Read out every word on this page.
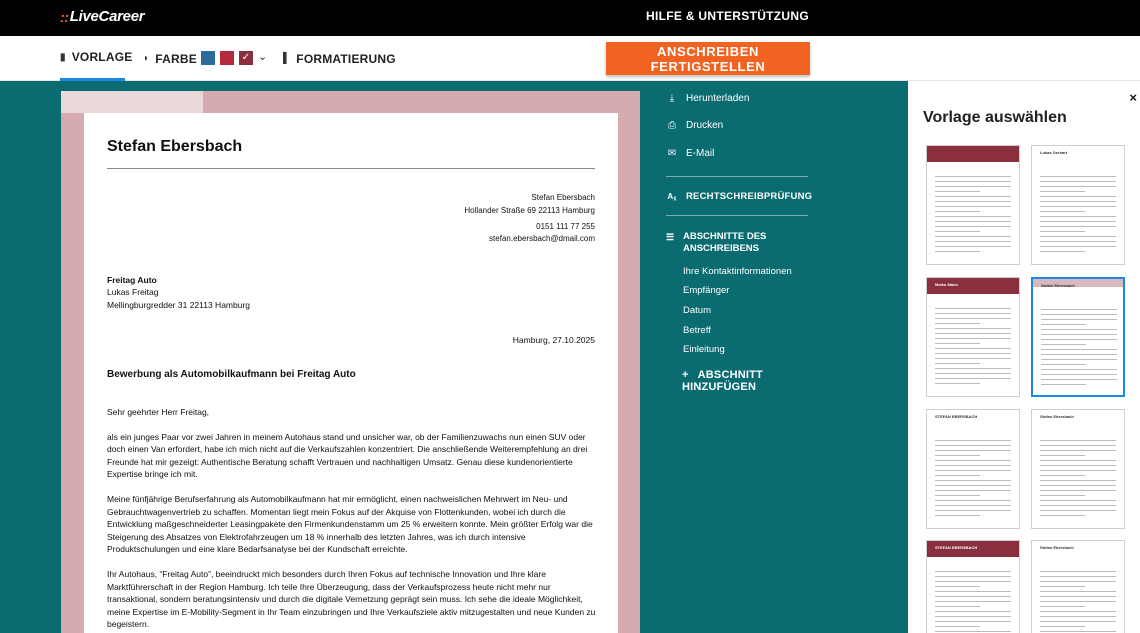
:: LiveCareer	HILFE & UNTERSTÜTZUNG
▮ VORLAGE ◗ FARBE	✓ ⌄ ▌ FORMATIERUNG	ANSCHREIBEN FERTIGSTELLEN
Stefan Ebersbach
Stefan Ebersbach
Hollander Straße 69 22113 Hamburg
0151 111 77 255
stefan.ebersbach@dmail.com
Freitag Auto
Lukas Freitag
Mellingburgredder 31 22113 Hamburg
Hamburg, 27.10.2025
Bewerbung als Automobilkaufmann bei Freitag Auto

Sehr geehrter Herr Freitag,

als ein junges Paar vor zwei Jahren in meinem Autohaus stand und unsicher war, ob der Familienzuwachs nun einen SUV oder doch einen Van erfordert, habe ich mich nicht auf die Verkaufszahlen konzentriert. Die anschließende Weiterempfehlung an drei Freunde hat mir gezeigt: Authentische Beratung schafft Vertrauen und nachhaltigen Umsatz. Genau diese kundenorientierte Expertise bringe ich mit.

Meine fünfjährige Berufserfahrung als Automobilkaufmann hat mir ermöglicht, einen nachweislichen Mehrwert im Neu- und Gebrauchtwagenvertrieb zu schaffen. Momentan liegt mein Fokus auf der Akquise von Flottenkunden, wobei ich durch die Entwicklung maßgeschneiderter Leasingpakete den Firmenkundenstamm um 25 % erweitern konnte. Mein größter Erfolg war die Steigerung des Absatzes von Elektrofahrzeugen um 18 % innerhalb des letzten Jahres, was ich durch intensive Produktschulungen und eine klare Bedarfsanalyse bei der Kundschaft erreichte.

Ihr Autohaus, “Freitag Auto”, beeindruckt mich besonders durch Ihren Fokus auf technische Innovation und Ihre klare Marktführerschaft in der Region Hamburg. Ich teile Ihre Überzeugung, dass der Verkaufsprozess heute nicht mehr nur transaktional, sondern beratungsintensiv und durch die digitale Vernetzung geprägt sein muss. Ich sehe die ideale Möglichkeit, meine Expertise im E-Mobility-Segment in Ihr Team einzubringen und Ihre Verkaufsziele aktiv mitzugestalten und neue Kunden zu begeistern.

⤓	Herunterladen
⎙ Drucken
✉ E-Mail
Aᵪ RECHTSCHREIBPRÜFUNG
☰ ABSCHNITTE DES
ANSCHREIBENS
Ihre Kontaktinformationen
Empfänger
Datum
Betreff
Einleitung
+ ABSCHNITT HINZUFÜGEN
×
Vorlage auswählen
Lukas Gerhart
Meiko Mann	Stefan Ebersbach
STEFAN EBERSBACH	Stefan Ebersbach
STEFAN EBERSBACH	Stefan Ebersbach
